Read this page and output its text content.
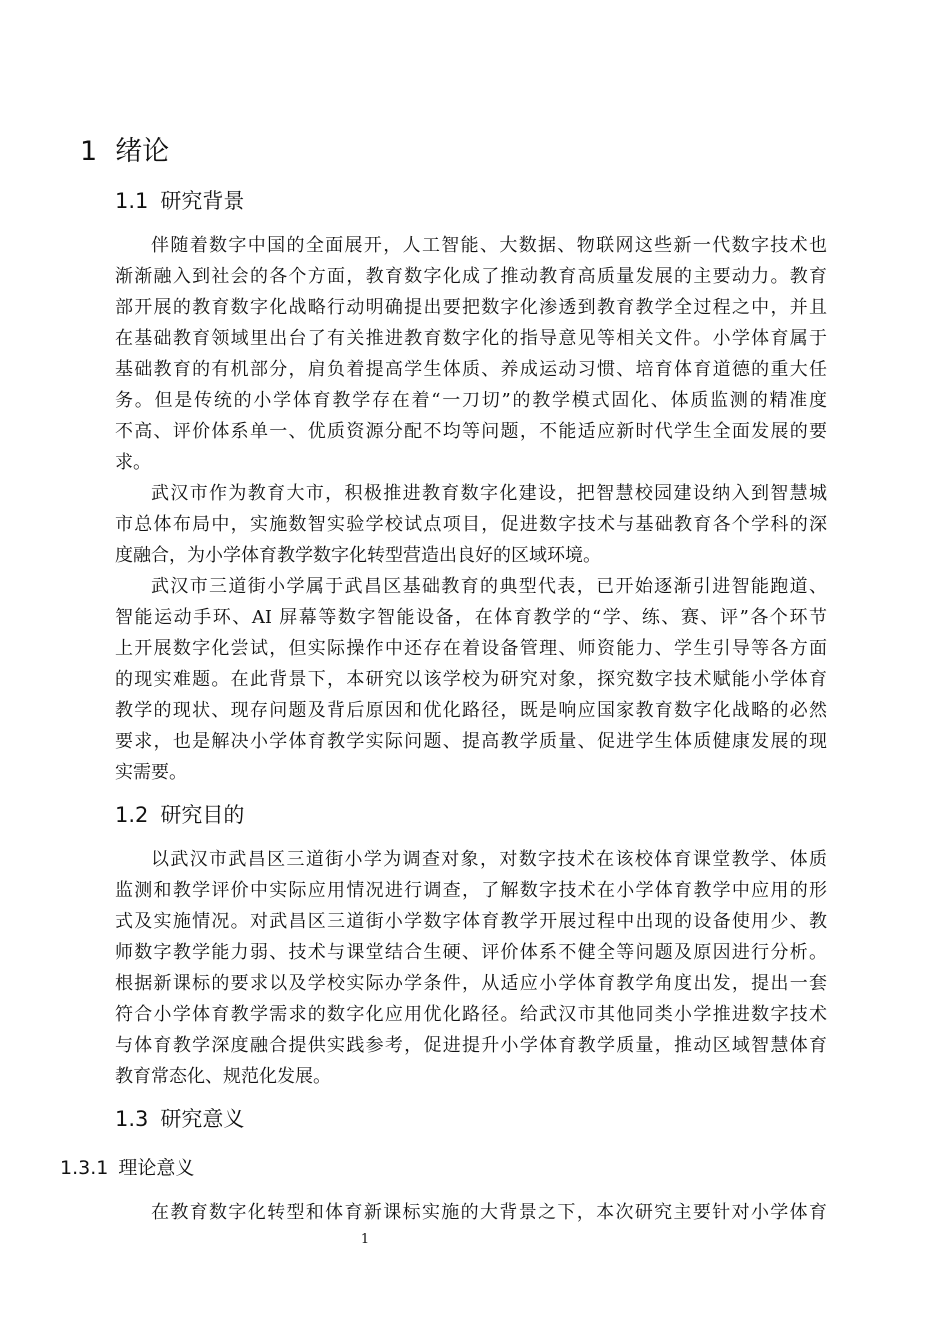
1 绪论
1.1 研究背景
伴随着数字中国的全面展开，人工智能、大数据、物联网这些新一代数字技术也
渐渐融入到社会的各个方面，教育数字化成了推动教育高质量发展的主要动力。教育
部开展的教育数字化战略行动明确提出要把数字化渗透到教育教学全过程之中，并且
在基础教育领域里出台了有关推进教育数字化的指导意见等相关文件。小学体育属于
基础教育的有机部分，肩负着提高学生体质、养成运动习惯、培育体育道德的重大任
务。但是传统的小学体育教学存在着“一刀切”的教学模式固化、体质监测的精准度
不高、评价体系单一、优质资源分配不均等问题，不能适应新时代学生全面发展的要
求。
武汉市作为教育大市，积极推进教育数字化建设，把智慧校园建设纳入到智慧城
市总体布局中，实施数智实验学校试点项目，促进数字技术与基础教育各个学科的深
度融合，为小学体育教学数字化转型营造出良好的区域环境。
武汉市三道街小学属于武昌区基础教育的典型代表，已开始逐渐引进智能跑道、
智能运动手环、AI 屏幕等数字智能设备，在体育教学的“学、练、赛、评”各个环节
上开展数字化尝试，但实际操作中还存在着设备管理、师资能力、学生引导等各方面
的现实难题。在此背景下，本研究以该学校为研究对象，探究数字技术赋能小学体育
教学的现状、现存问题及背后原因和优化路径，既是响应国家教育数字化战略的必然
要求，也是解决小学体育教学实际问题、提高教学质量、促进学生体质健康发展的现
实需要。
1.2 研究目的
以武汉市武昌区三道街小学为调查对象，对数字技术在该校体育课堂教学、体质
监测和教学评价中实际应用情况进行调查，了解数字技术在小学体育教学中应用的形
式及实施情况。对武昌区三道街小学数字体育教学开展过程中出现的设备使用少、教
师数字教学能力弱、技术与课堂结合生硬、评价体系不健全等问题及原因进行分析。
根据新课标的要求以及学校实际办学条件，从适应小学体育教学角度出发，提出一套
符合小学体育教学需求的数字化应用优化路径。给武汉市其他同类小学推进数字技术
与体育教学深度融合提供实践参考，促进提升小学体育教学质量，推动区域智慧体育
教育常态化、规范化发展。
1.3 研究意义
1.3.1 理论意义
在教育数字化转型和体育新课标实施的大背景之下，本次研究主要针对小学体育
1
